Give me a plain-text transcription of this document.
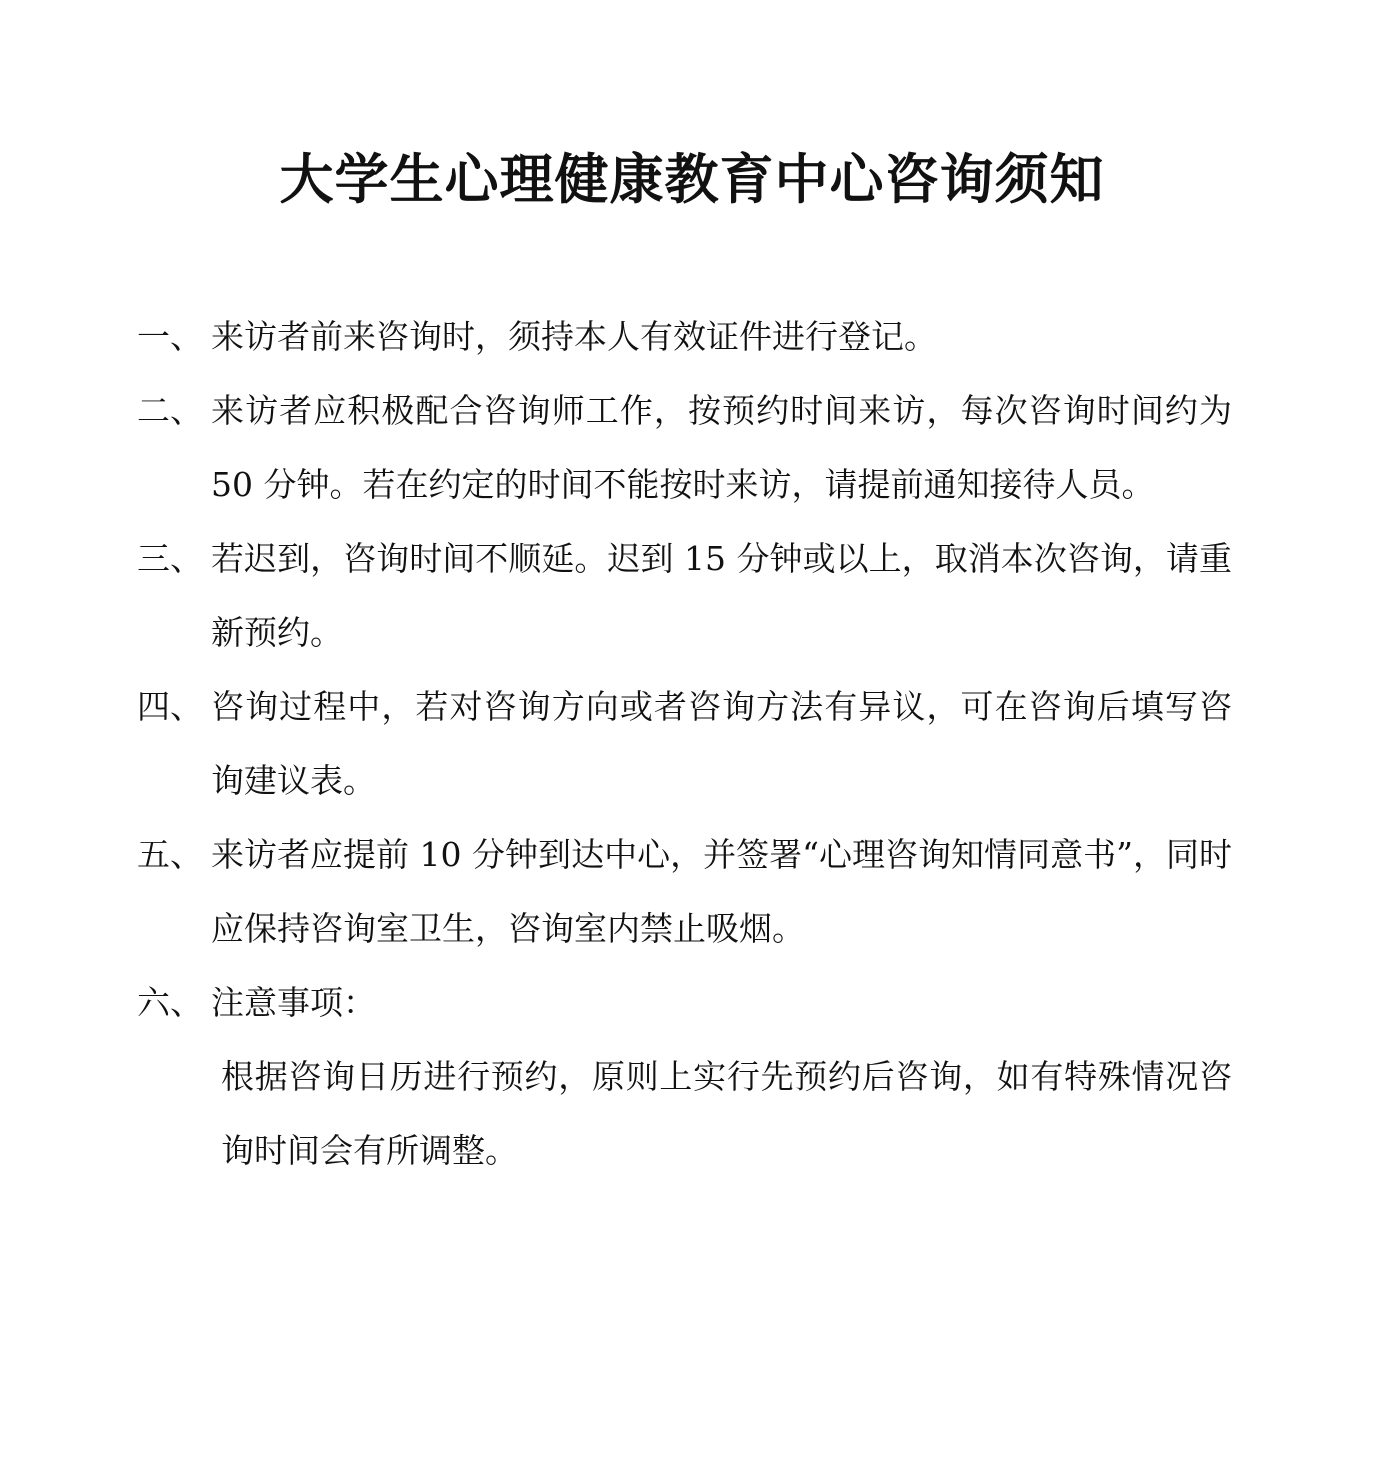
大学生心理健康教育中心咨询须知
一、 来访者前来咨询时，须持本人有效证件进行登记。
二、 来访者应积极配合咨询师工作，按预约时间来访，每次咨询时间约为 50 分钟。若在约定的时间不能按时来访，请提前通知接待人员。
三、 若迟到，咨询时间不顺延。迟到 15 分钟或以上，取消本次咨询，请重新预约。
四、 咨询过程中，若对咨询方向或者咨询方法有异议，可在咨询后填写咨询建议表。
五、 来访者应提前 10 分钟到达中心，并签署“心理咨询知情同意书”，同时应保持咨询室卫生，咨询室内禁止吸烟。
六、 注意事项：
根据咨询日历进行预约，原则上实行先预约后咨询，如有特殊情况咨询时间会有所调整。
